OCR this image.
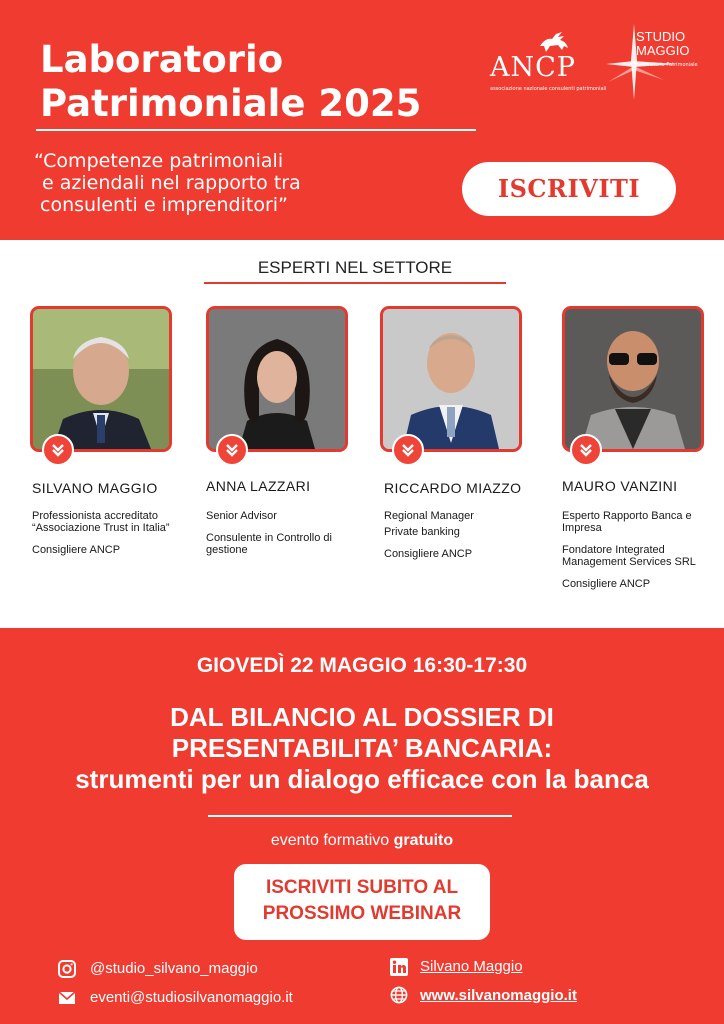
Laboratorio
Patrimoniale 2025
“Competenze patrimoniali
e aziendali nel rapporto tra
consulenti e imprenditori”
ISCRIVITI
ANCP
associazione nazionale consulenti patrimoniali
STUDIO
MAGGIO
Laboratorio Patrimoniale
ESPERTI NEL SETTORE
SILVANO MAGGIO

Professionista accreditato “Associazione Trust in Italia”

Consigliere ANCP

ANNA LAZZARI

Senior Advisor

Consulente in Controllo di gestione

RICCARDO MIAZZO

Regional Manager

Private banking

Consigliere ANCP

MAURO VANZINI

Esperto Rapporto Banca e Impresa

Fondatore Integrated Management Services SRL

Consigliere ANCP

GIOVEDÌ 22 MAGGIO 16:30-17:30
DAL BILANCIO AL DOSSIER DI
PRESENTABILITA’ BANCARIA:
strumenti per un dialogo efficace con la banca
evento formativo gratuito
ISCRIVITI SUBITO AL
PROSSIMO WEBINAR
@studio_silvano_maggio
eventi@studiosilvanomaggio.it
Silvano Maggio
www.silvanomaggio.it
